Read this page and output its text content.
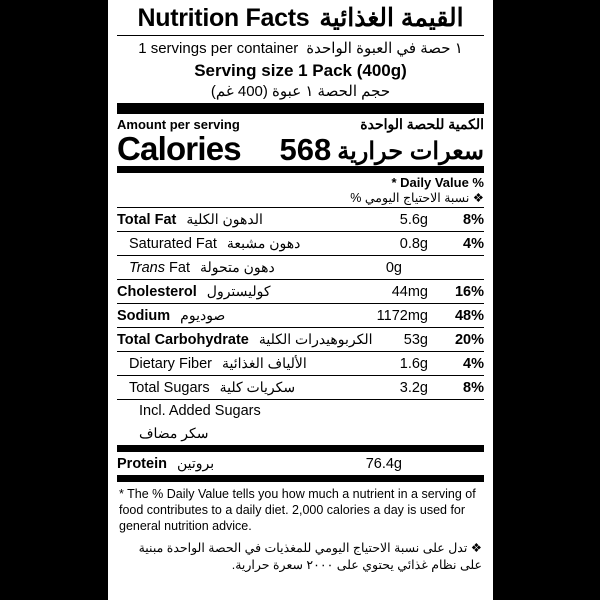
Nutrition Facts القيمة الغذائية
1 servings per container ١ حصة في العبوة الواحدة
Serving size 1 Pack (400g)
حجم الحصة ١ عبوة (400 غم)
Amount per serving	الكمية للحصة الواحدة
Calories 568 سعرات حرارية
* Daily Value %
❖ نسبة الاحتياج اليومي %
Total Fat الدهون الكلية	5.6g	8%
Saturated Fat دهون مشبعة	0.8g	4%
Trans Fat دهون متحولة	0g
Cholesterol كوليسترول	44mg	16%
Sodium صوديوم	1172mg	48%
Total Carbohydrate الكربوهيدرات الكلية 53g	20%
Dietary Fiber الألياف الغذائية	1.6g	4%
Total Sugars سكريات كلية	3.2g	8%
Incl. Added Sugars
سكر مضاف
Protein بروتين	76.4g
* The % Daily Value tells you how much a nutrient in a serving of food contributes to a daily diet. 2,000 calories a day is used for general nutrition advice.
❖ تدل على نسبة الاحتياج اليومي للمغذيات في الحصة الواحدة مبنية على نظام غذائي يحتوي على ٢٠٠٠ سعرة حرارية.
